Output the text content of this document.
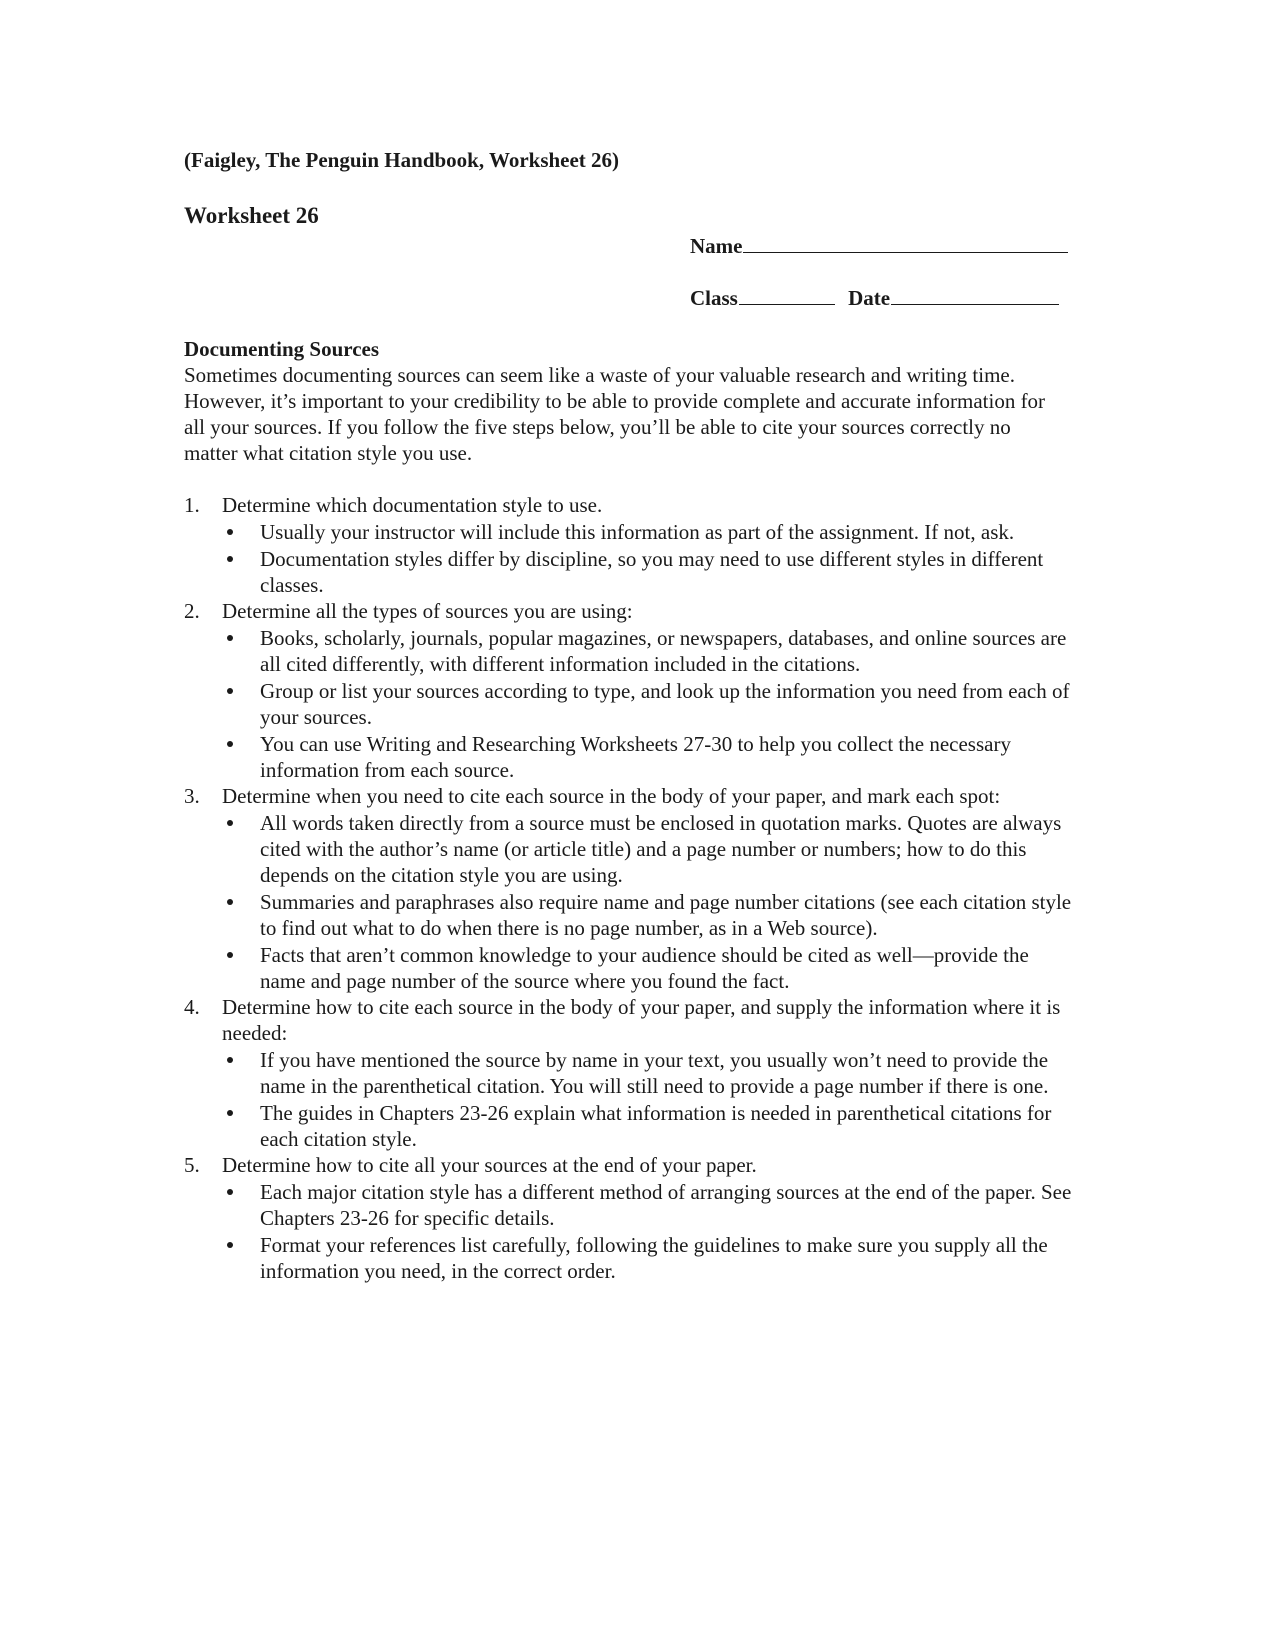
(Faigley, The Penguin Handbook, Worksheet 26)

Worksheet 26
Name
Class	Date
Documenting Sources

Sometimes documenting sources can seem like a waste of your valuable research and writing time. However, it’s important to your credibility to be able to provide complete and accurate information for all your sources. If you follow the five steps below, you’ll be able to cite your sources correctly no matter what citation style you use.

1. Determine which documentation style to use.
Usually your instructor will include this information as part of the assignment. If not, ask.
Documentation styles differ by discipline, so you may need to use different styles in different classes.
2. Determine all the types of sources you are using:
Books, scholarly, journals, popular magazines, or newspapers, databases, and online sources are all cited differently, with different information included in the citations.
Group or list your sources according to type, and look up the information you need from each of your sources.
You can use Writing and Researching Worksheets 27-30 to help you collect the necessary information from each source.
3. Determine when you need to cite each source in the body of your paper, and mark each spot:
All words taken directly from a source must be enclosed in quotation marks. Quotes are always cited with the author’s name (or article title) and a page number or numbers; how to do this depends on the citation style you are using.
Summaries and paraphrases also require name and page number citations (see each citation style to find out what to do when there is no page number, as in a Web source).
Facts that aren’t common knowledge to your audience should be cited as well—provide the name and page number of the source where you found the fact.
4. Determine how to cite each source in the body of your paper, and supply the information where it is needed:
If you have mentioned the source by name in your text, you usually won’t need to provide the name in the parenthetical citation. You will still need to provide a page number if there is one.
The guides in Chapters 23-26 explain what information is needed in parenthetical citations for each citation style.
5. Determine how to cite all your sources at the end of your paper.
Each major citation style has a different method of arranging sources at the end of the paper. See Chapters 23-26 for specific details.
Format your references list carefully, following the guidelines to make sure you supply all the information you need, in the correct order.
